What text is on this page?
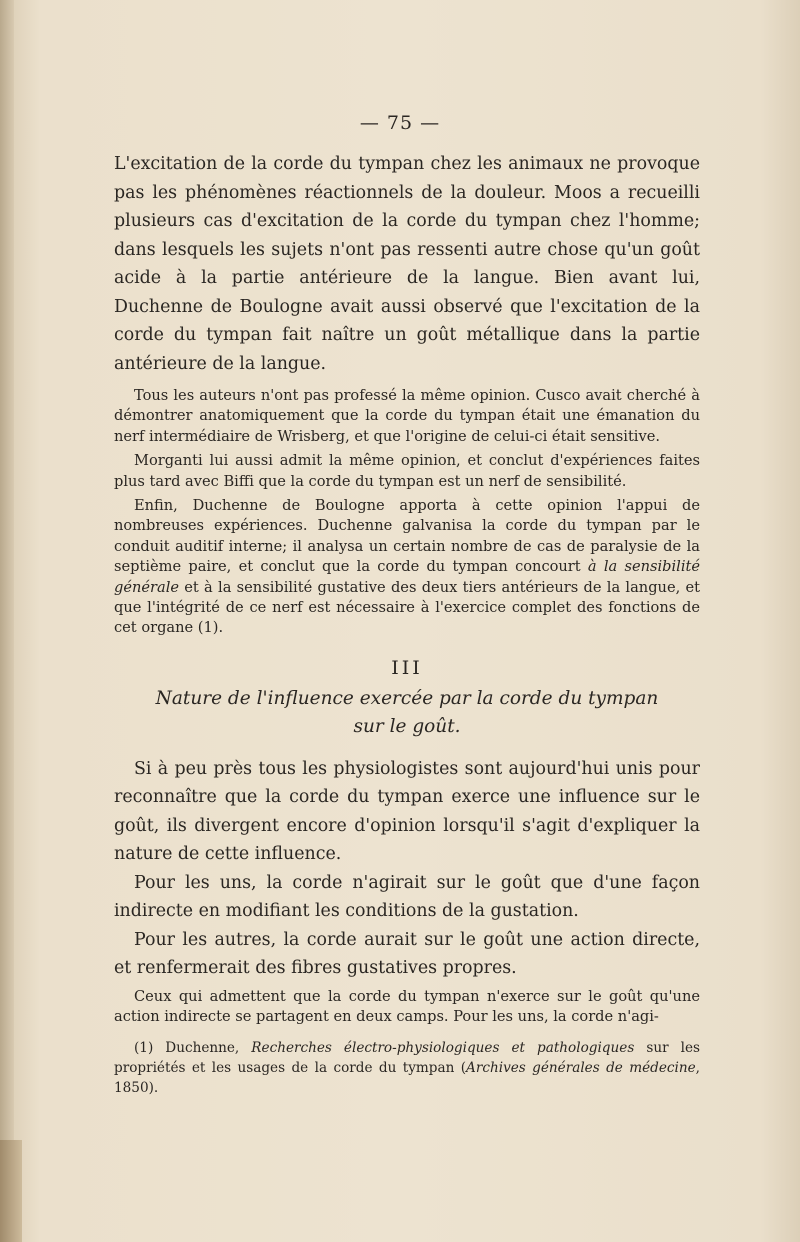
— 75 —

L'excitation de la corde du tympan chez les animaux ne provoque pas les phénomènes réactionnels de la douleur. Moos a recueilli plusieurs cas d'excitation de la corde du tympan chez l'homme; dans lesquels les sujets n'ont pas ressenti autre chose qu'un goût acide à la partie antérieure de la langue. Bien avant lui, Duchenne de Boulogne avait aussi observé que l'excitation de la corde du tympan fait naître un goût métallique dans la partie antérieure de la langue.

Tous les auteurs n'ont pas professé la même opinion. Cusco avait cherché à démontrer anatomiquement que la corde du tympan était une émanation du nerf intermédiaire de Wrisberg, et que l'origine de celui-ci était sensitive.

Morganti lui aussi admit la même opinion, et conclut d'expériences faites plus tard avec Biffi que la corde du tympan est un nerf de sensibilité.

Enfin, Duchenne de Boulogne apporta à cette opinion l'appui de nombreuses expériences. Duchenne galvanisa la corde du tympan par le conduit auditif interne; il analysa un certain nombre de cas de paralysie de la septième paire, et conclut que la corde du tympan concourt à la sensibilité générale et à la sensibilité gustative des deux tiers antérieurs de la langue, et que l'intégrité de ce nerf est nécessaire à l'exercice complet des fonctions de cet organe (1).

III
Nature de l'influence exercée par la corde du tympan
sur le goût.

Si à peu près tous les physiologistes sont aujourd'hui unis pour reconnaître que la corde du tympan exerce une influence sur le goût, ils divergent encore d'opinion lorsqu'il s'agit d'expliquer la nature de cette influence.

Pour les uns, la corde n'agirait sur le goût que d'une façon indirecte en modifiant les conditions de la gustation.

Pour les autres, la corde aurait sur le goût une action directe, et renfermerait des fibres gustatives propres.

Ceux qui admettent que la corde du tympan n'exerce sur le goût qu'une action indirecte se partagent en deux camps. Pour les uns, la corde n'agi-

(1) Duchenne, Recherches électro-physiologiques et pathologiques sur les propriétés et les usages de la corde du tympan (Archives générales de médecine, 1850).
